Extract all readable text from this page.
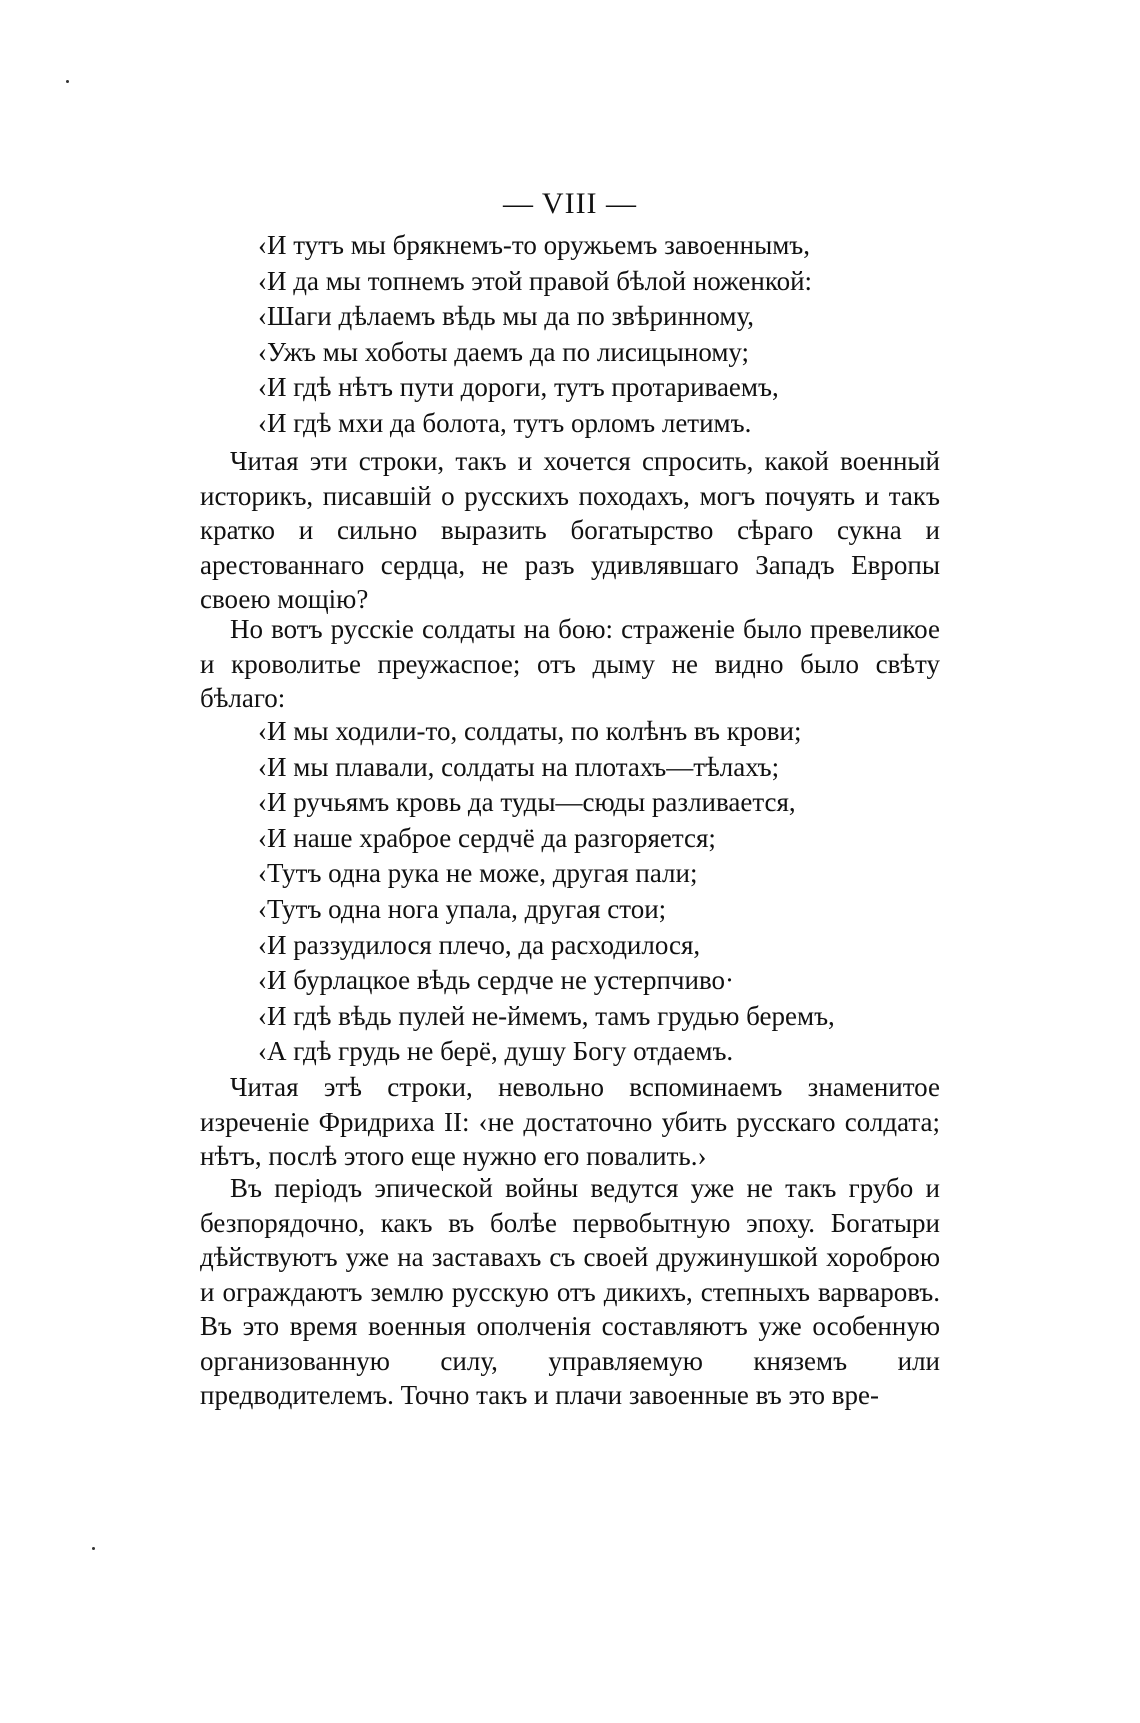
— VIII —
‹И тутъ мы брякнемъ-то оружьемъ завоеннымъ,
‹И да мы топнемъ этой правой бѣлой ноженкой:
‹Шаги дѣлаемъ вѣдь мы да по звѣринному,
‹Ужъ мы хоботы даемъ да по лисицыному;
‹И гдѣ нѣтъ пути дороги, тутъ протариваемъ,
‹И гдѣ мхи да болота, тутъ орломъ летимъ.

Читая эти строки, такъ и хочется спросить, какой военный историкъ, писавшій о русскихъ походахъ, могъ почуять и такъ кратко и сильно выразить богатырство сѣраго сукна и арестованнаго сердца, не разъ удивлявшаго Западъ Европы своею мощію?

Но вотъ русскіе солдаты на бою: страженіе было превеликое и кроволитье преужаспое; отъ дыму не видно было свѣту бѣлаго:

‹И мы ходили-то, солдаты, по колѣнъ въ крови;
‹И мы плавали, солдаты на плотахъ—тѣлахъ;
‹И ручьямъ кровь да туды—сюды разливается,
‹И наше храброе сердчё да разгоряется;
‹Тутъ одна рука не може, другая пали;
‹Тутъ одна нога упала, другая стои;
‹И раззудилося плечо, да расходилося,
‹И бурлацкое вѣдь сердче не устерпчиво·
‹И гдѣ вѣдь пулей не-ймемъ, тамъ грудью беремъ,
‹А гдѣ грудь не берё, душу Богу отдаемъ.

Читая этѣ строки, невольно вспоминаемъ знаменитое изреченіе Фридриха II: ‹не достаточно убить русскаго солдата; нѣтъ, послѣ этого еще нужно его повалить.›

Въ періодъ эпической войны ведутся уже не такъ грубо и безпорядочно, какъ въ болѣе первобытную эпоху. Богатыри дѣйствуютъ уже на заставахъ съ своей дружинушкой хороброю и ограждаютъ землю русскую отъ дикихъ, степныхъ варваровъ. Въ это время военныя ополченія составляютъ уже особенную организованную силу, управляемую княземъ или предводителемъ. Точно такъ и плачи завоенные въ это вре-
